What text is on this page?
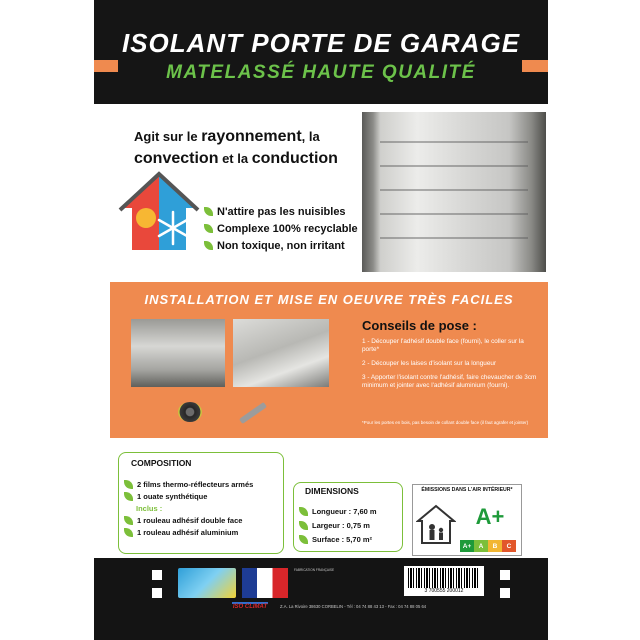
ISOLANT PORTE DE GARAGE
MATELASSÉ HAUTE QUALITÉ
Agit sur le rayonnement, la
convection et la conduction
N'attire pas les nuisibles
Complexe 100% recyclable
Non toxique, non irritant
INSTALLATION ET MISE EN OEUVRE TRÈS FACILES
Conseils de pose :

1 - Découper l'adhésif double face (fourni), le coller sur la porte*

2 - Découper les laises d'isolant sur la longueur

3 - Apporter l'isolant contre l'adhésif, faire chevaucher de 3cm minimum et jointer avec l'adhésif aluminium (fourni).

*Pour les portes en bois, pas besoin de collant double face (il faut agrafer et jointer)
COMPOSITION
2 films thermo-réflecteurs armés
1 ouate synthétique
Inclus :
1 rouleau adhésif double face
1 rouleau adhésif aluminium
DIMENSIONS
Longueur : 7,60 m
Largeur : 0,75 m
Surface : 5,70 m²
ÉMISSIONS DANS L'AIR INTÉRIEUR*
A+
A+	A	B	C
FABRICATION FRANÇAISE
3 700555 200012
ISO CLIMAT	Z.A. La Rivoire 38630 CORBELIN - Tél : 04 74 88 43 13 - Fax : 04 74 88 05 64
